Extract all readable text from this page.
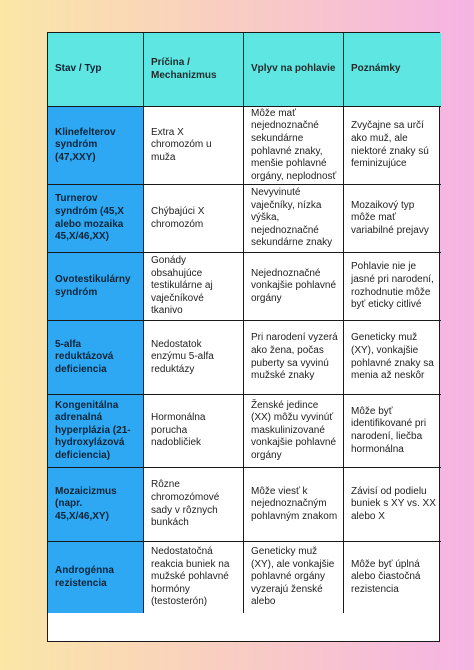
Stav / Typ
Príčina / Mechanizmus
Vplyv na pohlavie Poznámky
Klinefelterov syndróm (47,XXY)
Extra X chromozóm u muža
Môže mať nejednoznačné sekundárne pohlavné znaky, menšie pohlavné orgány, neplodnosť
Zvyčajne sa určí ako muž, ale niektoré znaky sú feminizujúce
Turnerov syndróm (45,X alebo mozaika 45,X/46,XX)
Chýbajúci X chromozóm
Nevyvinuté vaječníky, nízka výška, nejednoznačné sekundárne znaky
Mozaikový typ môže mať variabilné prejavy
Ovotestikulárny syndróm
Gonády obsahujúce testikulárne aj vaječníkové tkanivo
Nejednoznačné vonkajšie pohlavné orgány
Pohlavie nie je jasné pri narodení, rozhodnutie môže byť eticky citlivé
5-alfa reduktázová deficiencia
Nedostatok enzýmu 5-alfa reduktázy
Pri narodení vyzerá ako žena, počas puberty sa vyvinú mužské znaky
Geneticky muž (XY), vonkajšie pohlavné znaky sa menia až neskôr
Kongenitálna adrenalná hyperplázia (21-hydroxylázová deficiencia)
Hormonálna porucha nadobličiek
Ženské jedince (XX) môžu vyvinúť maskulinizované vonkajšie pohlavné orgány
Môže byť identifikované pri narodení, liečba hormonálna
Mozaicizmus (napr. 45,X/46,XY)
Rôzne chromozómové sady v rôznych bunkách
Môže viesť k nejednoznačným pohlavným znakom
Závisí od podielu buniek s XY vs. XX alebo X
Androgénna rezistencia
Nedostatočná reakcia buniek na mužské pohlavné hormóny (testosterón)
Geneticky muž (XY), ale vonkajšie pohlavné orgány vyzerajú ženské alebo
Môže byť úplná alebo čiastočná rezistencia
